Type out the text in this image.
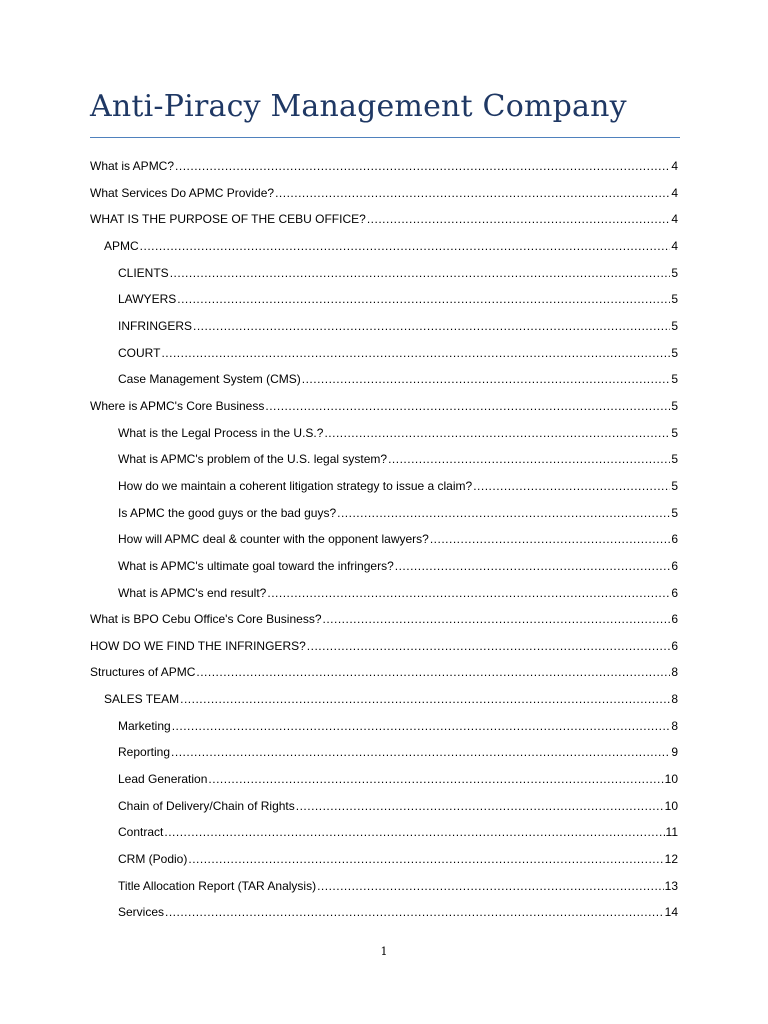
Anti-Piracy Management Company
What is APMC? .....	4
What Services Do APMC Provide? .....	4
WHAT IS THE PURPOSE OF THE CEBU OFFICE? .....	4
APMC .....	4
CLIENTS .....	5
LAWYERS .....	5
INFRINGERS .....	5
COURT .....	5
Case Management System (CMS) .....	5
Where is APMC's Core Business .....	5
What is the Legal Process in the U.S.? .....	5
What is APMC's problem of the U.S. legal system? .....	5
How do we maintain a coherent litigation strategy to issue a claim? .....	5
Is APMC the good guys or the bad guys? .....	5
How will APMC deal & counter with the opponent lawyers? .....	6
What is APMC's ultimate goal toward the infringers? .....	6
What is APMC's end result? .....	6
What is BPO Cebu Office's Core Business? .....	6
HOW DO WE FIND THE INFRINGERS? .....	6
Structures of APMC .....	8
SALES TEAM .....	8
Marketing .....	8
Reporting .....	9
Lead Generation .....	10
Chain of Delivery/Chain of Rights .....	10
Contract .....	11
CRM (Podio) .....	12
Title Allocation Report (TAR Analysis) .....	13
Services .....	14
1
